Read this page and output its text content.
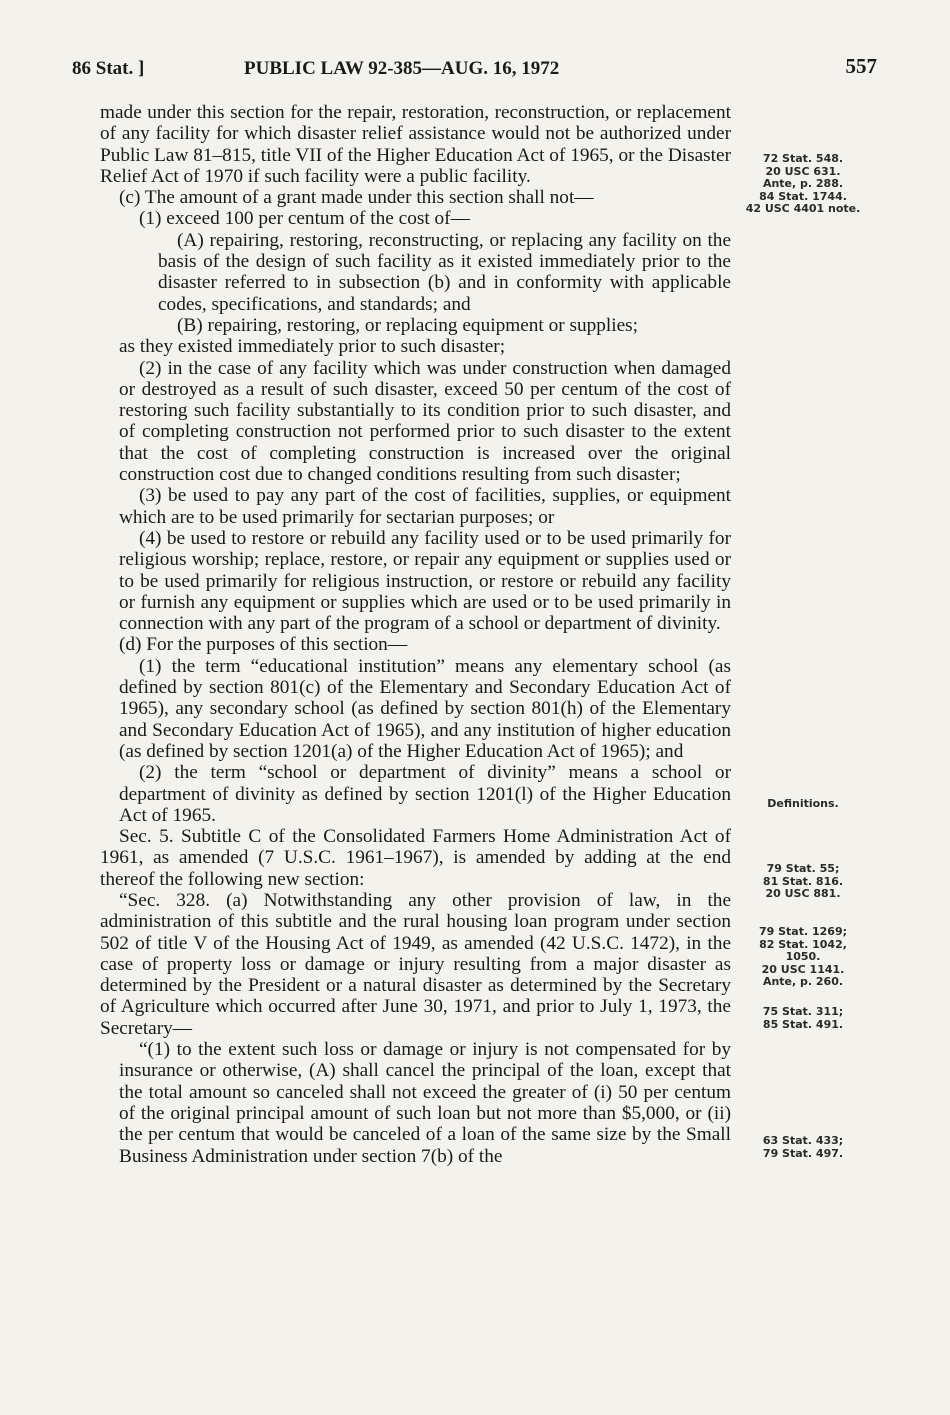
86 Stat. ]	PUBLIC LAW 92-385—AUG. 16, 1972	557

made under this section for the repair, restoration, reconstruction, or replacement of any facility for which disaster relief assistance would not be authorized under Public Law 81–815, title VII of the Higher Education Act of 1965, or the Disaster Relief Act of 1970 if such facility were a public facility.

(c) The amount of a grant made under this section shall not—

(1) exceed 100 per centum of the cost of—

(A) repairing, restoring, reconstructing, or replacing any facility on the basis of the design of such facility as it existed immediately prior to the disaster referred to in subsection (b) and in conformity with applicable codes, specifications, and standards; and

(B) repairing, restoring, or replacing equipment or supplies;

as they existed immediately prior to such disaster;

(2) in the case of any facility which was under construction when damaged or destroyed as a result of such disaster, exceed 50 per centum of the cost of restoring such facility substantially to its condition prior to such disaster, and of completing construction not performed prior to such disaster to the extent that the cost of completing construction is increased over the original construction cost due to changed conditions resulting from such disaster;

(3) be used to pay any part of the cost of facilities, supplies, or equipment which are to be used primarily for sectarian purposes; or

(4) be used to restore or rebuild any facility used or to be used primarily for religious worship; replace, restore, or repair any equipment or supplies used or to be used primarily for religious instruction, or restore or rebuild any facility or furnish any equipment or supplies which are used or to be used primarily in connection with any part of the program of a school or department of divinity.

(d) For the purposes of this section—

(1) the term “educational institution” means any elementary school (as defined by section 801(c) of the Elementary and Secondary Education Act of 1965), any secondary school (as defined by section 801(h) of the Elementary and Secondary Education Act of 1965), and any institution of higher education (as defined by section 1201(a) of the Higher Education Act of 1965); and

(2) the term “school or department of divinity” means a school or department of divinity as defined by section 1201(l) of the Higher Education Act of 1965.

Sec. 5. Subtitle C of the Consolidated Farmers Home Administration Act of 1961, as amended (7 U.S.C. 1961–1967), is amended by adding at the end thereof the following new section:

“Sec. 328. (a) Notwithstanding any other provision of law, in the administration of this subtitle and the rural housing loan program under section 502 of title V of the Housing Act of 1949, as amended (42 U.S.C. 1472), in the case of property loss or damage or injury resulting from a major disaster as determined by the President or a natural disaster as determined by the Secretary of Agriculture which occurred after June 30, 1971, and prior to July 1, 1973, the Secretary—

“(1) to the extent such loss or damage or injury is not compensated for by insurance or otherwise, (A) shall cancel the principal of the loan, except that the total amount so canceled shall not exceed the greater of (i) 50 per centum of the original principal amount of such loan but not more than $5,000, or (ii) the per centum that would be canceled of a loan of the same size by the Small Business Administration under section 7(b) of the

72 Stat. 548.
20 USC 631.
Ante, p. 288.
84 Stat. 1744.
42 USC 4401 note.
Definitions.
79 Stat. 55;
81 Stat. 816.
20 USC 881.
79 Stat. 1269;
82 Stat. 1042, 1050.
20 USC 1141.
Ante, p. 260.
75 Stat. 311;
85 Stat. 491.
63 Stat. 433;
79 Stat. 497.
